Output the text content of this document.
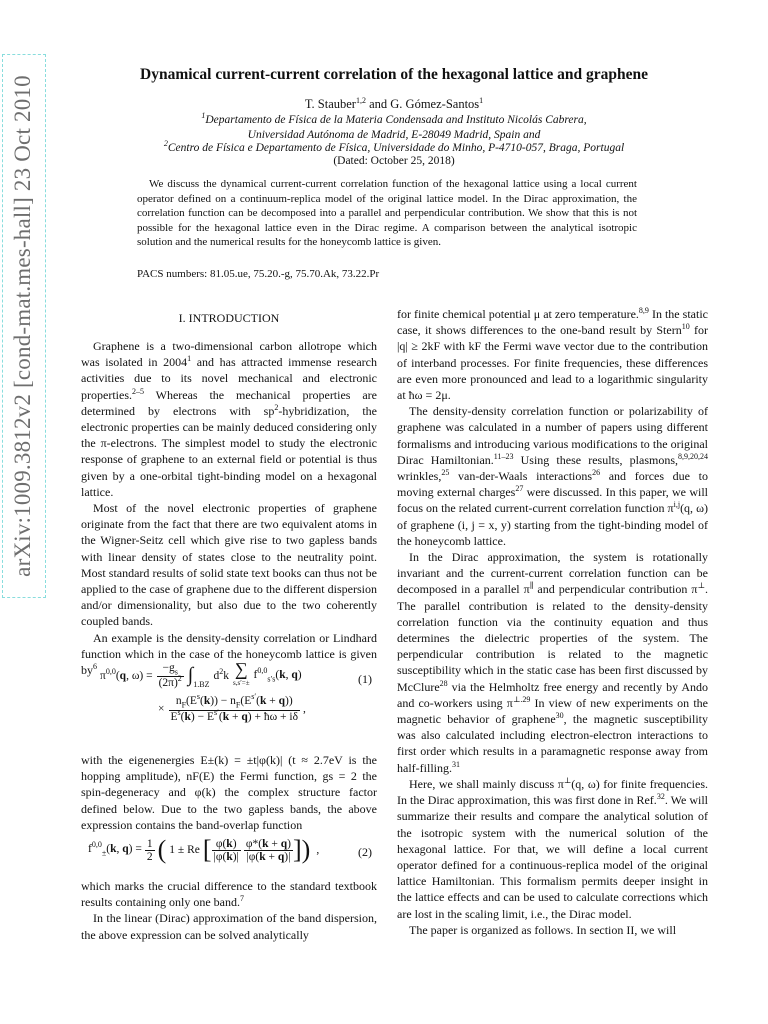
arXiv:1009.3812v2 [cond-mat.mes-hall] 23 Oct 2010
Dynamical current-current correlation of the hexagonal lattice and graphene
T. Stauber$^{1,2}$ and G. Gómez-Santos$^1$
$^1$Departamento de Física de la Materia Condensada and Instituto Nicolás Cabrera,
Universidad Autónoma de Madrid, E-28049 Madrid, Spain and
$^2$Centro de Física e Departamento de Física, Universidade do Minho, P-4710-057, Braga, Portugal
(Dated: October 25, 2018)
We discuss the dynamical current-current correlation function of the hexagonal lattice using a local current operator defined on a continuum-replica model of the original lattice model. In the Dirac approximation, the correlation function can be decomposed into a parallel and perpendicular contribution. We show that this is not possible for the hexagonal lattice even in the Dirac regime. A comparison between the analytical isotropic solution and the numerical results for the honeycomb lattice is given.
PACS numbers: 81.05.ue, 75.20.-g, 75.70.Ak, 73.22.Pr
I. INTRODUCTION

Graphene is a two-dimensional carbon allotrope which was isolated in 2004$^1$ and has attracted immense research activities due to its novel mechanical and electronic properties.$^{2-5}$ Whereas the mechanical properties are determined by electrons with $sp^2$-hybridization, the electronic properties can be mainly deduced considering only the π-electrons. The simplest model to study the electronic response of graphene to an external field or potential is thus given by a one-orbital tight-binding model on a hexagonal lattice.

Most of the novel electronic properties of graphene originate from the fact that there are two equivalent atoms in the Wigner-Seitz cell which give rise to two gapless bands with linear density of states close to the neutrality point. Most standard results of solid state text books can thus not be applied to the case of graphene due to the different dispersion and/or dimensionality, but also due to the two coherently coupled bands.

An example is the density-density correlation or Lindhard function which in the case of the honeycomb lattice is given $by^6$

$\pi^{0,0}(q$, $\omega) = \frac{-g_s}{(2\pi)^2}$ ∫ 1.BZ
$d^2k$ ∑
s,s′=±
$f^{0,0}_{s's}(k$, q)
× $\frac{n_F(E^s(k)) - n_F(E^{s'}(k + q))}{E^s(k) - E^{s'}(k + q) + ħ\omega + i\delta}$ ,
(1)
with the eigenenergies E±(k) = ±t|φ(k)| (t ≈ 2.7eV is the hopping amplitude), nF(E) the Fermi function, gs = 2 the spin-degeneracy and φ(k) the complex structure factor defined below. Due to the two gapless bands, the above expression contains the band-overlap function
$f^{0,0}_\pm(k$, $q) = \frac{1}{2}$ ( 1 ± Re [ $\frac{\varphi(k)}{|\varphi(k)|} \frac{\varphi*(k + q)}{|\varphi(k + q)|}$ ] ) ,	(2)

which marks the crucial difference to the standard textbook results containing only one band.$^7$

In the linear (Dirac) approximation of the band dispersion, the above expression can be solved analytically

for finite chemical potential μ at zero temperature.$^{8,9}$ In the static case, it shows differences to the one-band result by Stern$^{10}$ for |q| ≥ 2kF with kF the Fermi wave vector due to the contribution of interband processes. For finite frequencies, these differences are even more pronounced and lead to a logarithmic singularity at ħω = 2μ.

The density-density correlation function or polarizability of graphene was calculated in a number of papers using different formalisms and introducing various modifications to the original Dirac Hamiltonian.$^{11-23}$ Using these results, plasmons,$^{8,9,20,24}$ wrinkles,$^{25}$ van-der-Waals interactions$^{26}$ and forces due to moving external charges$^{27}$ were discussed. In this paper, we will focus on the related current-current correlation function $\pi^{i,j}(q$, ω) of graphene (i, j = x, y) starting from the tight-binding model of the honeycomb lattice.

In the Dirac approximation, the system is rotationally invariant and the current-current correlation function can be decomposed in a parallel π∥ and perpendicular contribution π⊥. The parallel contribution is related to the density-density correlation function via the continuity equation and thus determines the dielectric properties of the system. The perpendicular contribution is related to the magnetic susceptibility which in the static case has been first discussed by McClure$^{28}$ via the Helmholtz free energy and recently by Ando and co-workers using $\pi^{\perp.29}$ In view of new experiments on the magnetic behavior of graphene$^{30}$, the magnetic susceptibility was also calculated including electron-electron interactions to first order which results in a paramagnetic response away from half-filling.$^{31}$

Here, we shall mainly discuss π⊥(q, ω) for finite frequencies. In the Dirac approximation, this was first done in Ref.$^{32}$. We will summarize their results and compare the analytical solution of the isotropic system with the numerical solution of the hexagonal lattice. For that, we will define a local current operator defined for a continuous-replica model of the original lattice Hamiltonian. This formalism permits deeper insight in the lattice effects and can be used to calculate corrections which are lost in the scaling limit, i.e., the Dirac model.

The paper is organized as follows. In section II, we will
